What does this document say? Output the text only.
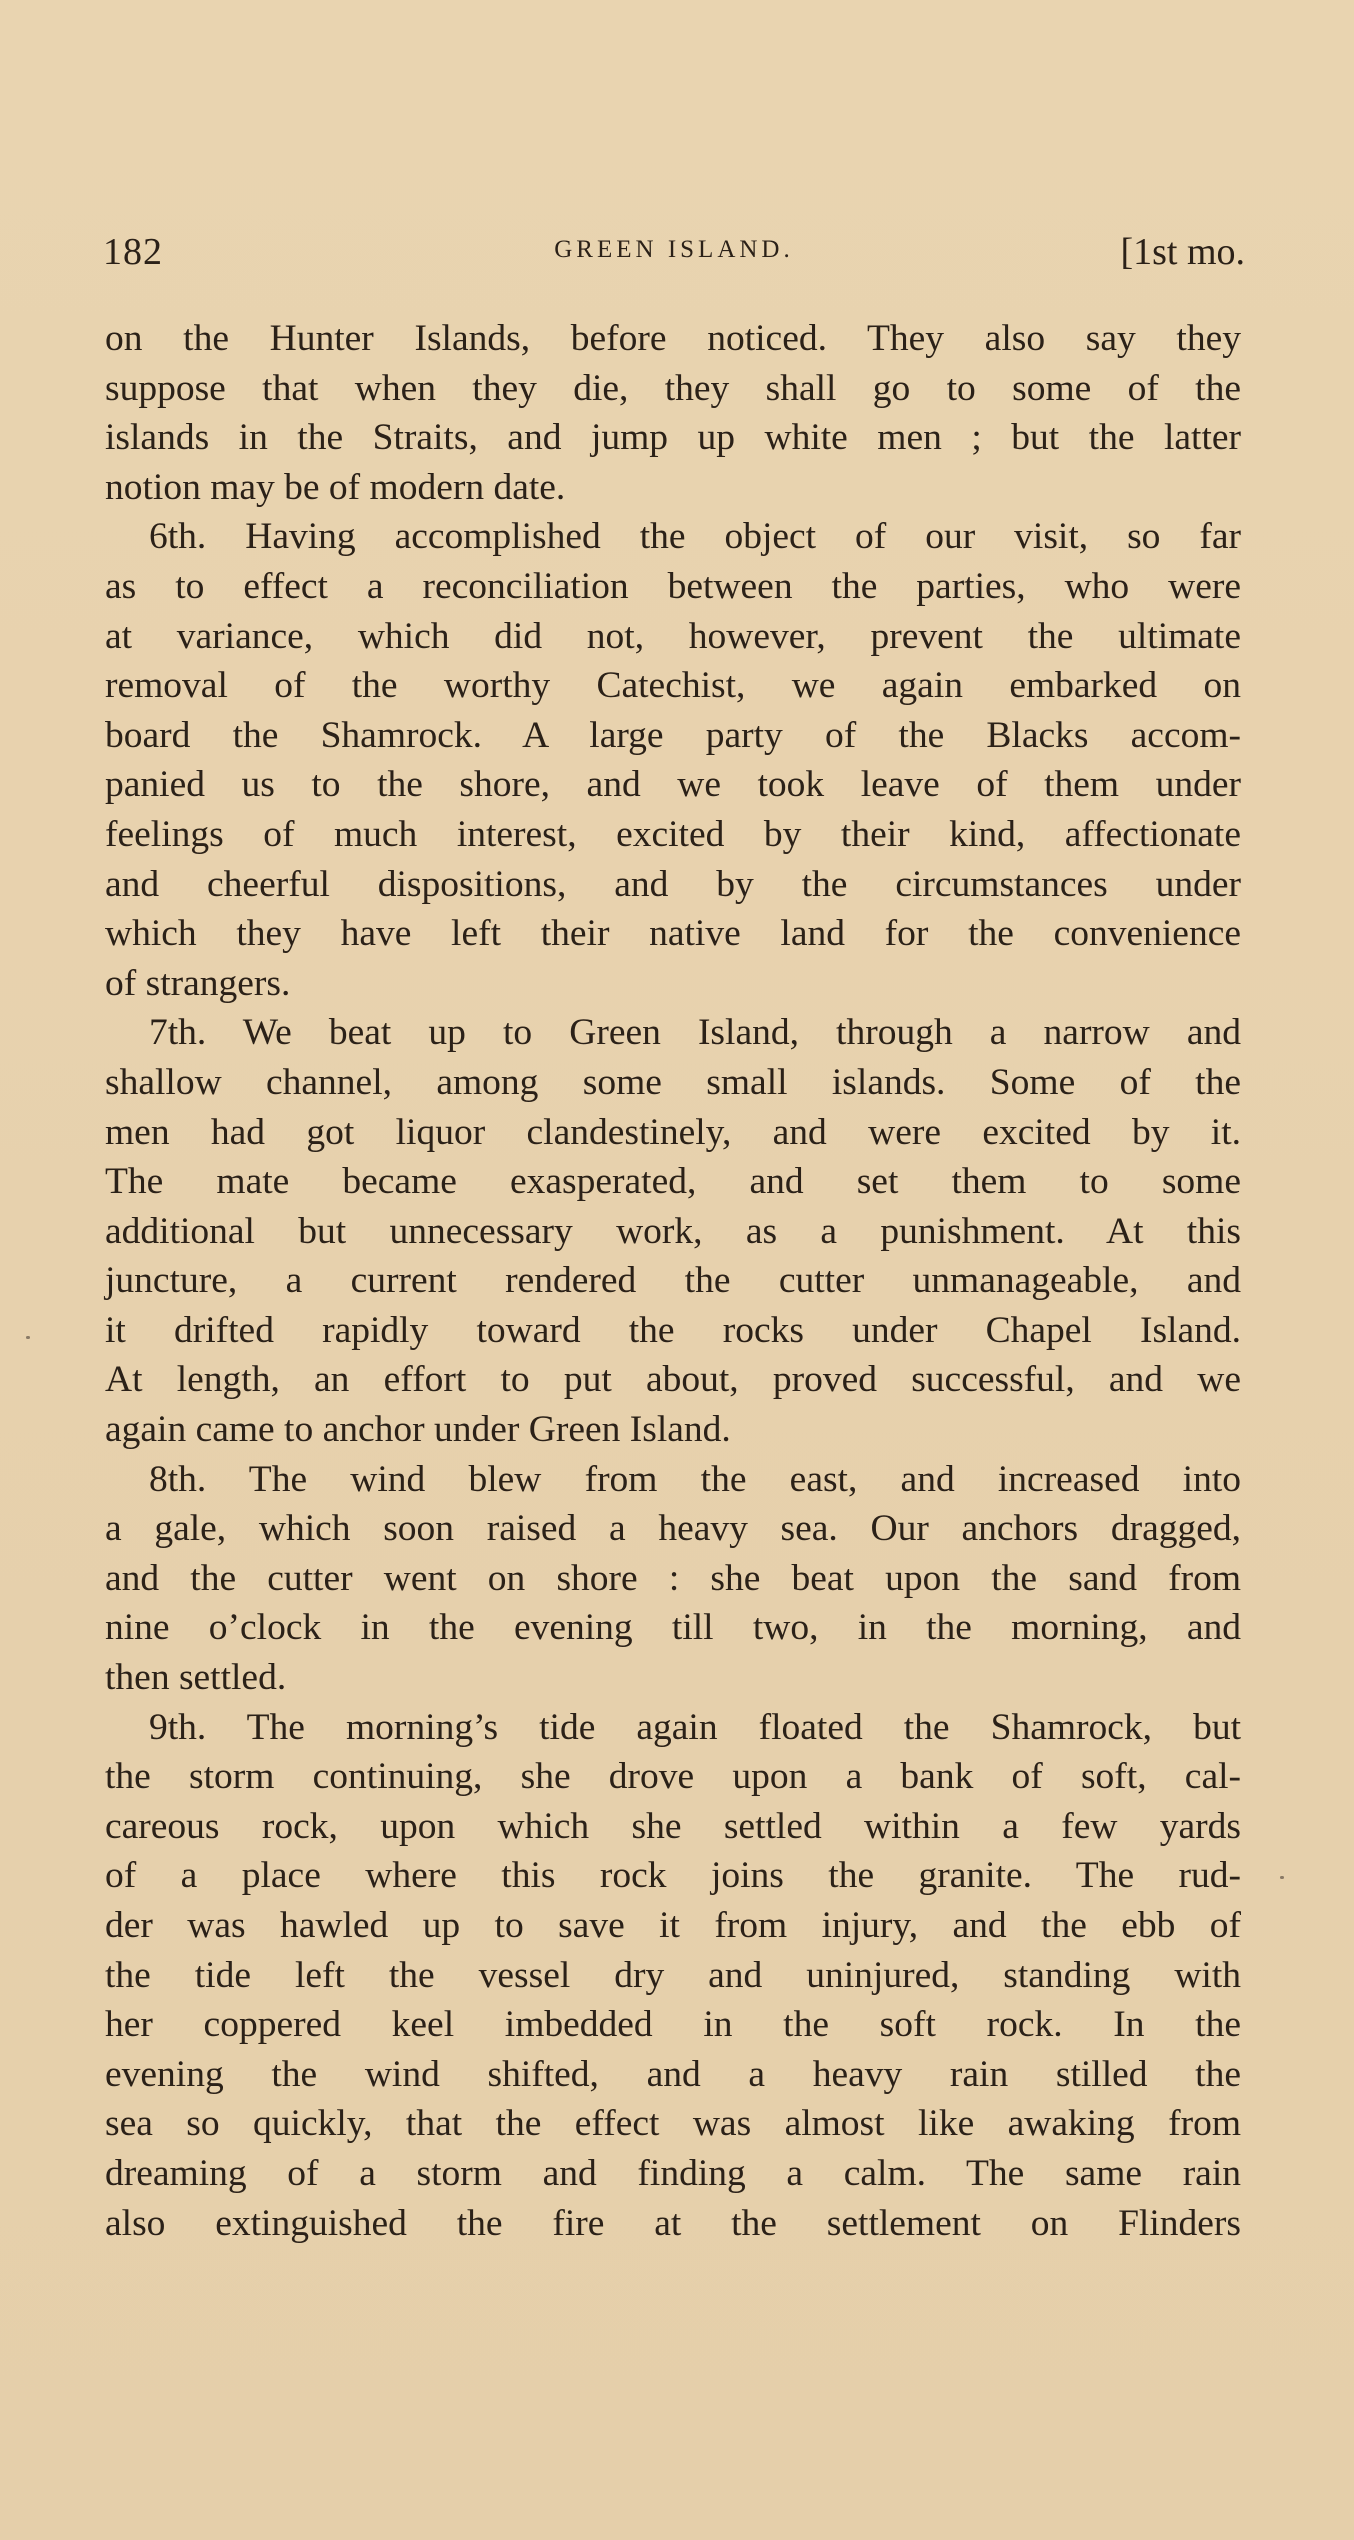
182	GREEN ISLAND.	[1st mo.
on the Hunter Islands, before noticed. They also say they
suppose that when they die, they shall go to some of the
islands in the Straits, and jump up white men ; but the latter
notion may be of modern date.
6th. Having accomplished the object of our visit, so far
as to effect a reconciliation between the parties, who were
at variance, which did not, however, prevent the ultimate
removal of the worthy Catechist, we again embarked on
board the Shamrock. A large party of the Blacks accom-
panied us to the shore, and we took leave of them under
feelings of much interest, excited by their kind, affectionate
and cheerful dispositions, and by the circumstances under
which they have left their native land for the convenience
of strangers.
7th. We beat up to Green Island, through a narrow and
shallow channel, among some small islands. Some of the
men had got liquor clandestinely, and were excited by it.
The mate became exasperated, and set them to some
additional but unnecessary work, as a punishment. At this
juncture, a current rendered the cutter unmanageable, and
it drifted rapidly toward the rocks under Chapel Island.
At length, an effort to put about, proved successful, and we
again came to anchor under Green Island.
8th. The wind blew from the east, and increased into
a gale, which soon raised a heavy sea. Our anchors dragged,
and the cutter went on shore : she beat upon the sand from
nine o’clock in the evening till two, in the morning, and
then settled.
9th. The morning’s tide again floated the Shamrock, but
the storm continuing, she drove upon a bank of soft, cal-
careous rock, upon which she settled within a few yards
of a place where this rock joins the granite. The rud-
der was hawled up to save it from injury, and the ebb of
the tide left the vessel dry and uninjured, standing with
her coppered keel imbedded in the soft rock. In the
evening the wind shifted, and a heavy rain stilled the
sea so quickly, that the effect was almost like awaking from
dreaming of a storm and finding a calm. The same rain
also extinguished the fire at the settlement on Flinders
